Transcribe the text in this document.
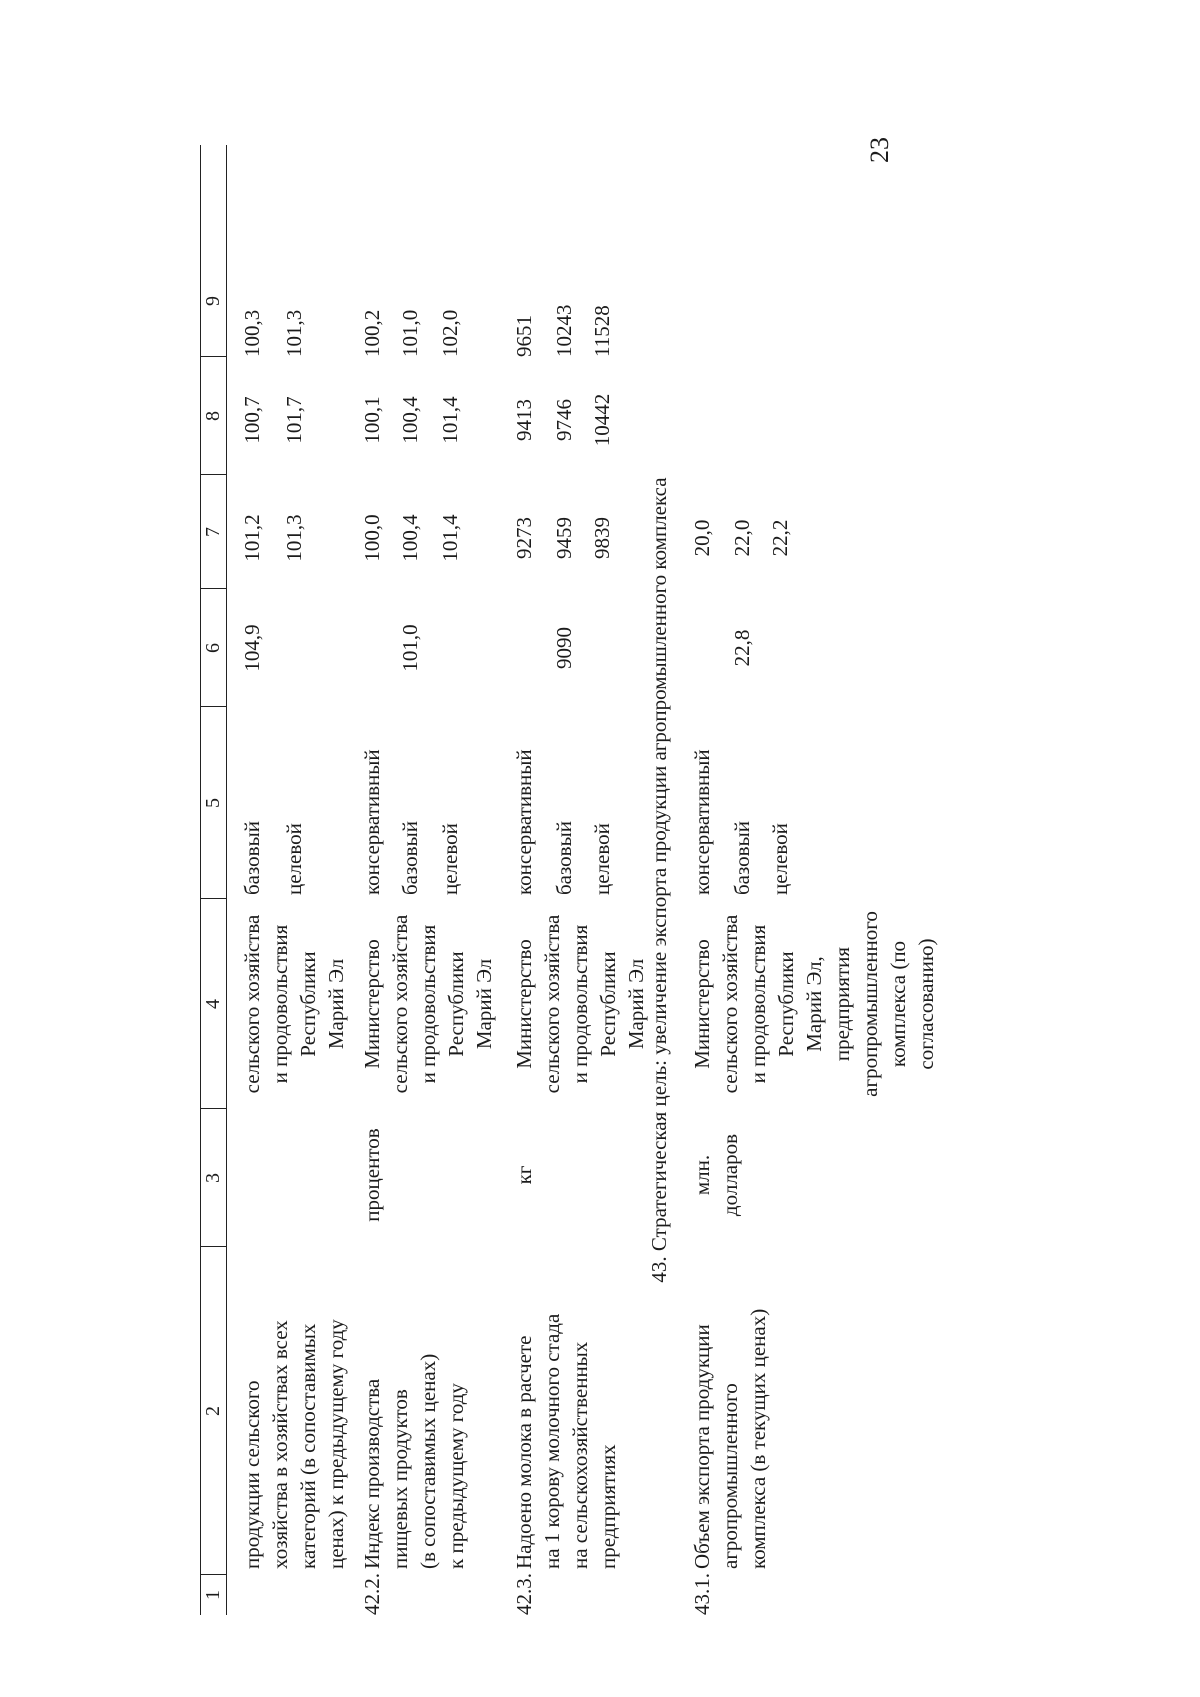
23
1
2
3
4
5
6
7
8
9
продукции сельского хозяйства в хозяйствах всех категорий (в сопоставимых ценах) к предыдущему году
сельского хозяйства и продовольствия Республики Марий Эл
базовый целевой
104,9
101,2 101,3
100,7 101,7
100,3 101,3
42.2.
Индекс производства пищевых продуктов (в сопоставимых ценах) к предыдущему году
процентов
Министерство сельского хозяйства и продовольствия Республики Марий Эл
консервативный базовый целевой
101,0
100,0 100,4 101,4
100,1 100,4 101,4
100,2 101,0 102,0
42.3.
Надоено молока в расчете на 1 корову молочного стада на сельскохозяйственных предприятиях
кг
Министерство сельского хозяйства и продовольствия Республики Марий Эл
консервативный базовый целевой
9090
9273 9459 9839
9413 9746 10442
9651 10243 11528
43. Стратегическая цель: увеличение экспорта продукции агропромышленного комплекса
43.1.
Объем экспорта продукции агропромышленного комплекса (в текущих ценах)
млн. долларов
Министерство сельского хозяйства и продовольствия Республики Марий Эл, предприятия агропромышленного комплекса (по согласованию)
консервативный базовый целевой
22,8
20,0 22,0 22,2
